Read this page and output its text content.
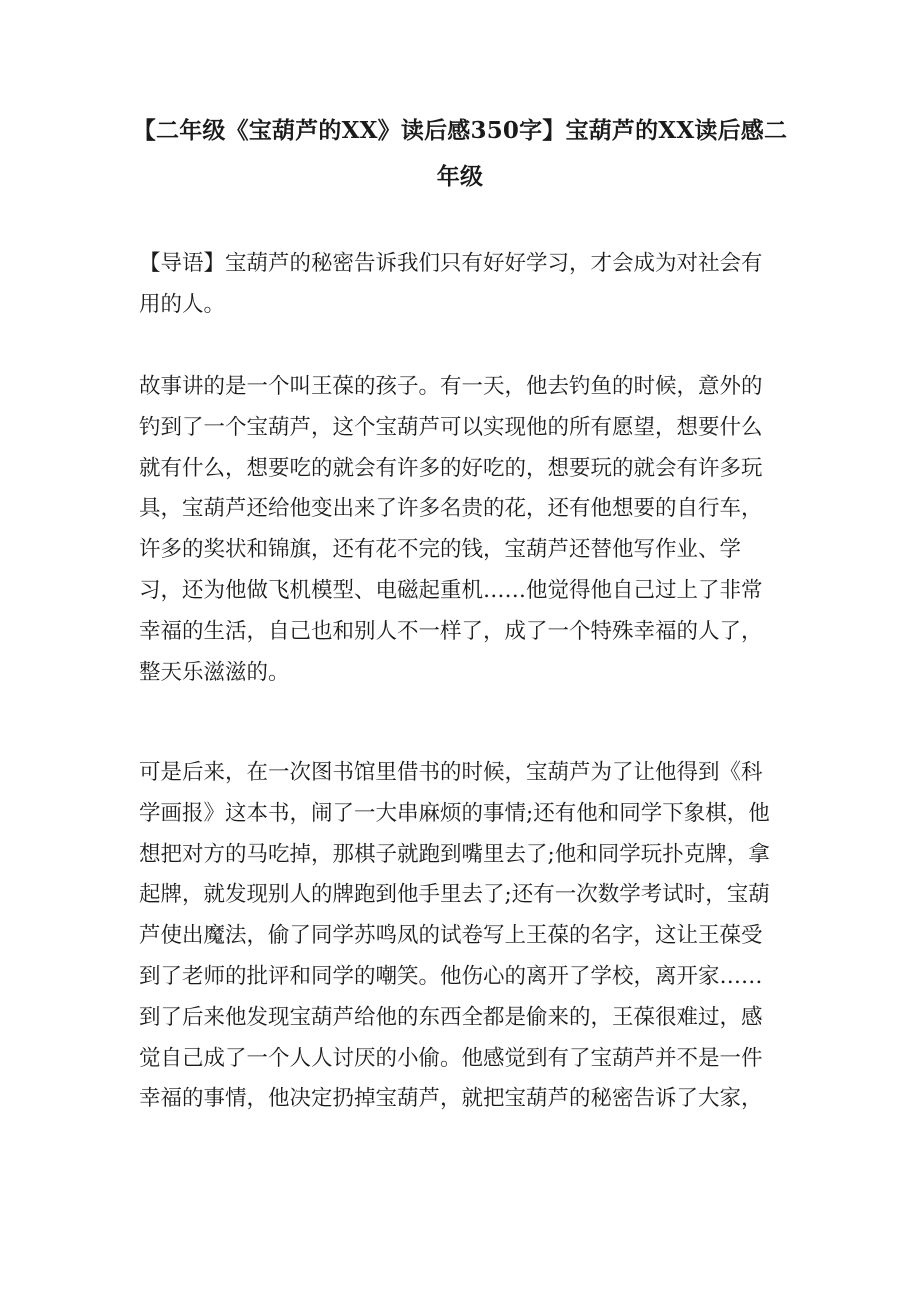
【二年级《宝葫芦的XX》读后感350字】宝葫芦的XX读后感二年级

【导语】宝葫芦的秘密告诉我们只有好好学习，才会成为对社会有用的人。

故事讲的是一个叫王葆的孩子。有一天，他去钓鱼的时候，意外的钓到了一个宝葫芦，这个宝葫芦可以实现他的所有愿望，想要什么就有什么，想要吃的就会有许多的好吃的，想要玩的就会有许多玩具，宝葫芦还给他变出来了许多名贵的花，还有他想要的自行车，许多的奖状和锦旗，还有花不完的钱，宝葫芦还替他写作业、学习，还为他做飞机模型、电磁起重机……他觉得他自己过上了非常幸福的生活，自己也和别人不一样了，成了一个特殊幸福的人了，整天乐滋滋的。

可是后来，在一次图书馆里借书的时候，宝葫芦为了让他得到《科学画报》这本书，闹了一大串麻烦的事情;还有他和同学下象棋，他想把对方的马吃掉，那棋子就跑到嘴里去了;他和同学玩扑克牌，拿起牌，就发现别人的牌跑到他手里去了;还有一次数学考试时，宝葫芦使出魔法，偷了同学苏鸣凤的试卷写上王葆的名字，这让王葆受到了老师的批评和同学的嘲笑。他伤心的离开了学校，离开家……到了后来他发现宝葫芦给他的东西全都是偷来的，王葆很难过，感觉自己成了一个人人讨厌的小偷。他感觉到有了宝葫芦并不是一件幸福的事情，他决定扔掉宝葫芦，就把宝葫芦的秘密告诉了大家，
